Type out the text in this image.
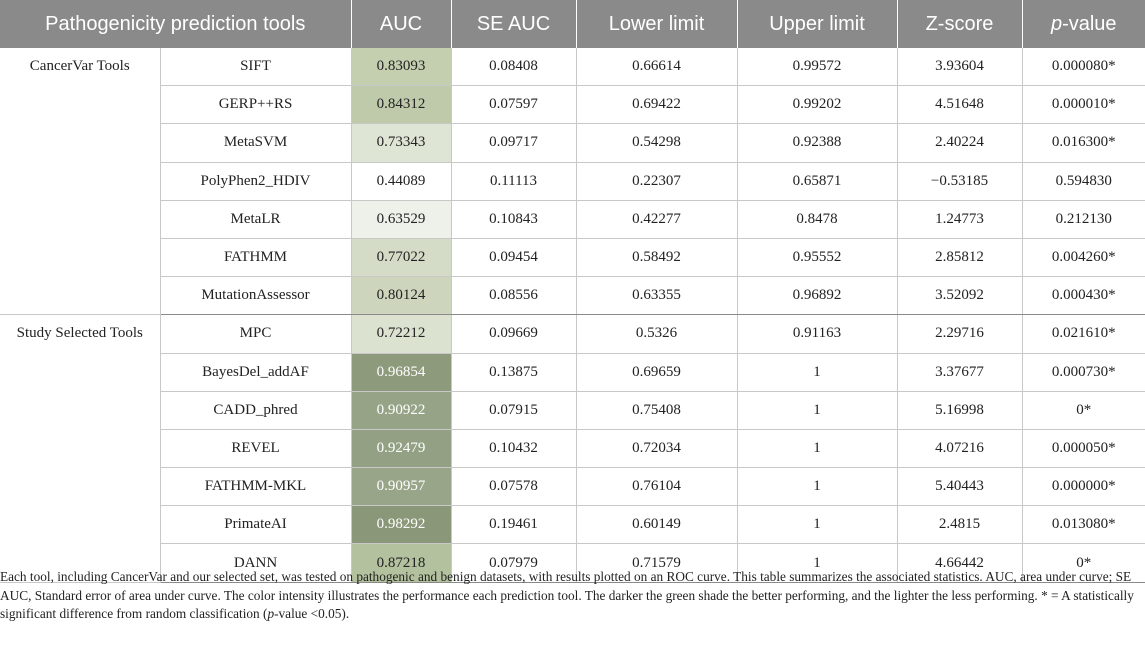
Pathogenicity prediction tools		AUC	SE AUC	Lower limit	Upper limit	Z-score	p-value
CancerVar Tools	SIFT	0.83093	0.08408	0.66614	0.99572	3.93604	0.000080*
	GERP++RS	0.84312	0.07597	0.69422	0.99202	4.51648	0.000010*
	MetaSVM	0.73343	0.09717	0.54298	0.92388	2.40224	0.016300*
	PolyPhen2_HDIV	0.44089	0.11113	0.22307	0.65871	−0.53185	0.594830
	MetaLR	0.63529	0.10843	0.42277	0.8478	1.24773	0.212130
	FATHMM	0.77022	0.09454	0.58492	0.95552	2.85812	0.004260*
	MutationAssessor	0.80124	0.08556	0.63355	0.96892	3.52092	0.000430*
Study Selected Tools	MPC	0.72212	0.09669	0.5326	0.91163	2.29716	0.021610*
	BayesDel_addAF	0.96854	0.13875	0.69659	1	3.37677	0.000730*
	CADD_phred	0.90922	0.07915	0.75408	1	5.16998	0*
	REVEL	0.92479	0.10432	0.72034	1	4.07216	0.000050*
	FATHMM-MKL	0.90957	0.07578	0.76104	1	5.40443	0.000000*
	PrimateAI	0.98292	0.19461	0.60149	1	2.4815	0.013080*
	DANN	0.87218	0.07979	0.71579	1	4.66442	0*

Each tool, including CancerVar and our selected set, was tested on pathogenic and benign datasets, with results plotted on an ROC curve. This table summarizes the associated statistics. AUC, area under curve; SE AUC, Standard error of area under curve. The color intensity illustrates the performance each prediction tool. The darker the green shade the better performing, and the lighter the less performing. * = A statistically significant difference from random classification (p-value <0.05).
